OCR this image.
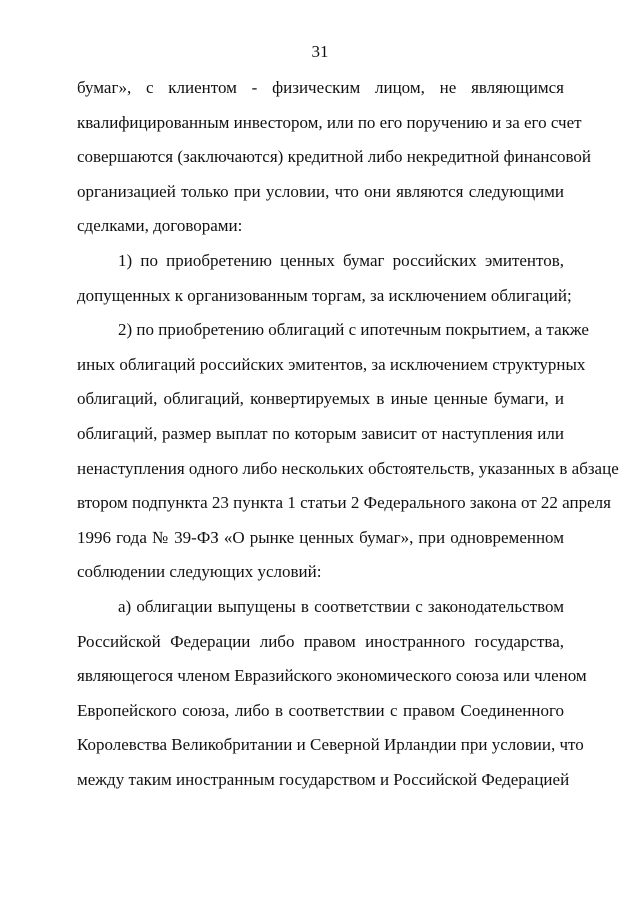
31
бумаг», с клиентом - физическим лицом, не являющимся
квалифицированным инвестором, или по его поручению и за его счет
совершаются (заключаются) кредитной либо некредитной финансовой
организацией только при условии, что они являются следующими
сделками, договорами:
1) по приобретению ценных бумаг российских эмитентов,
допущенных к организованным торгам, за исключением облигаций;
2) по приобретению облигаций с ипотечным покрытием, а также
иных облигаций российских эмитентов, за исключением структурных
облигаций, облигаций, конвертируемых в иные ценные бумаги, и
облигаций, размер выплат по которым зависит от наступления или
ненаступления одного либо нескольких обстоятельств, указанных в абзаце
втором подпункта 23 пункта 1 статьи 2 Федерального закона от 22 апреля
1996 года № 39-ФЗ «О рынке ценных бумаг», при одновременном
соблюдении следующих условий:
а) облигации выпущены в соответствии с законодательством
Российской Федерации либо правом иностранного государства,
являющегося членом Евразийского экономического союза или членом
Европейского союза, либо в соответствии с правом Соединенного
Королевства Великобритании и Северной Ирландии при условии, что
между таким иностранным государством и Российской Федерацией
